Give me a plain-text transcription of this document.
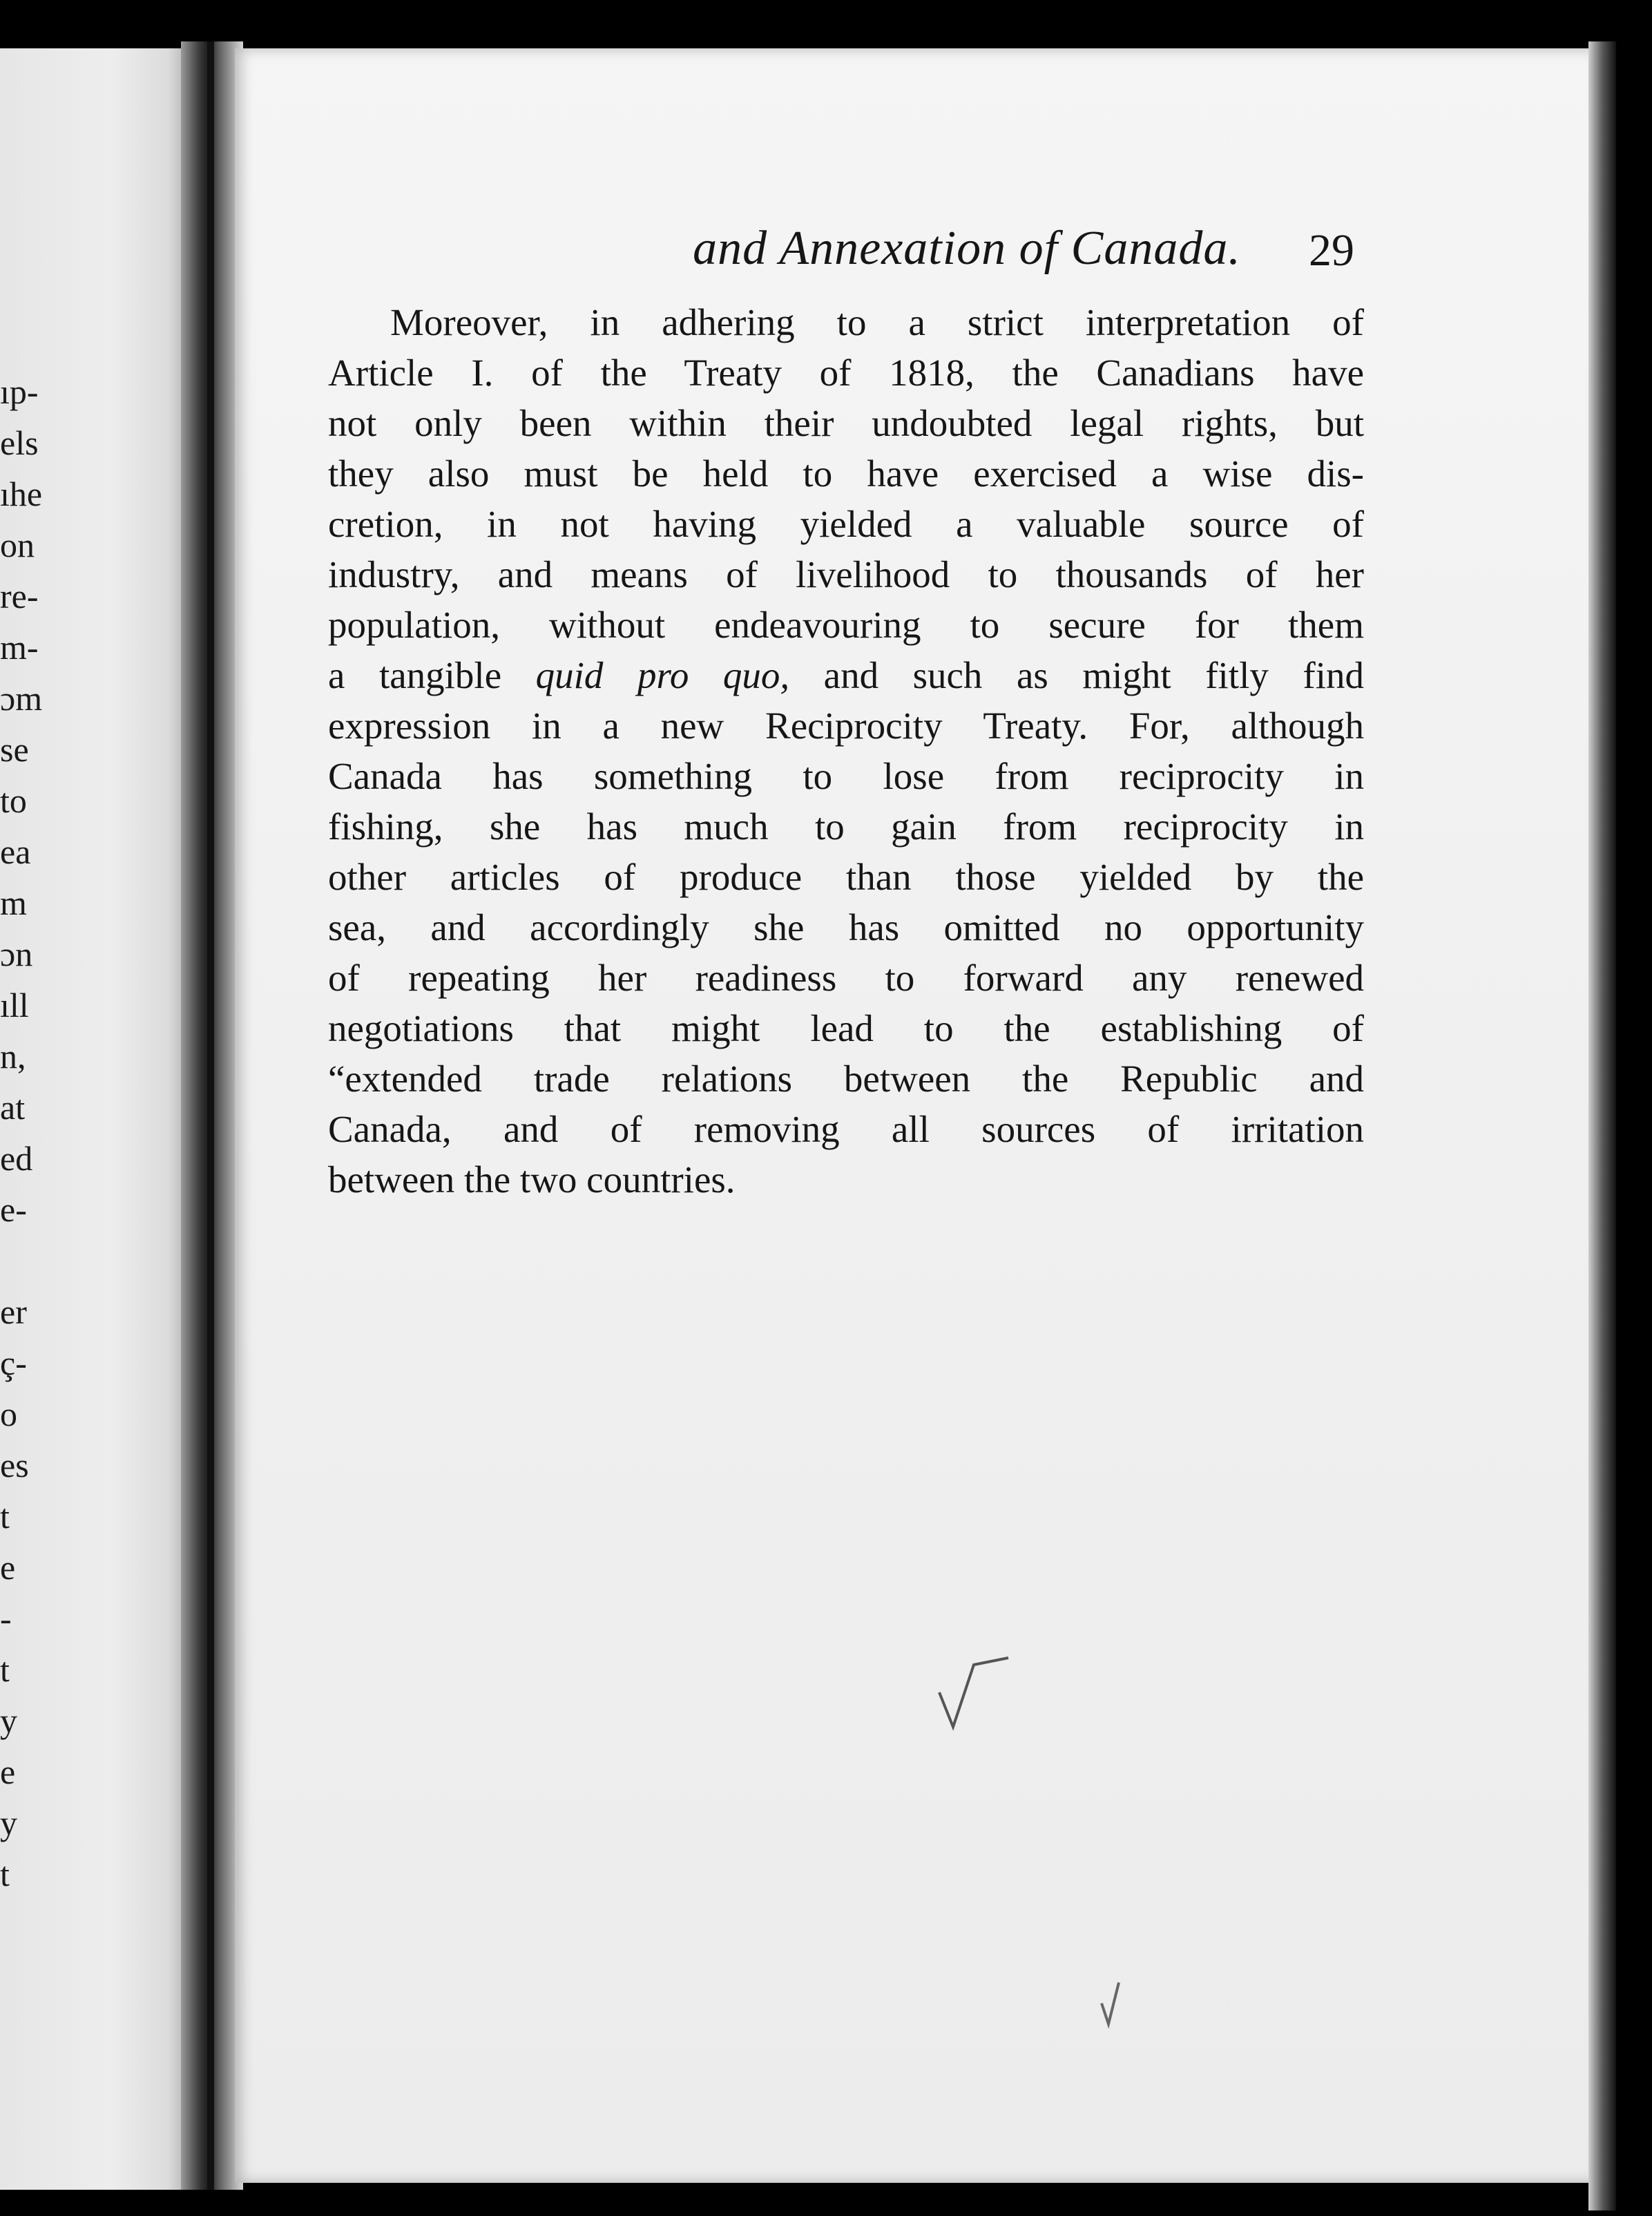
ıp-
els
ıhe
on
re-
m-
ɔm
se
to
ea
m
ɔn
ıll
n,
at
ed
e-
er
ç-
o
es
t
e
-
t
y
e
y
t
and Annexation of Canada.	29
Moreover, in adhering to a strict interpretation of
Article I. of the Treaty of 1818, the Canadians have
not only been within their undoubted legal rights, but
they also must be held to have exercised a wise dis-
cretion, in not having yielded a valuable source of
industry, and means of livelihood to thousands of her
population, without endeavouring to secure for them
a tangible quid pro quo, and such as might fitly find
expression in a new Reciprocity Treaty. For, although
Canada has something to lose from reciprocity in
fishing, she has much to gain from reciprocity in
other articles of produce than those yielded by the
sea, and accordingly she has omitted no opportunity
of repeating her readiness to forward any renewed
negotiations that might lead to the establishing of
“extended trade relations between the Republic and
Canada, and of removing all sources of irritation
between the two countries.
